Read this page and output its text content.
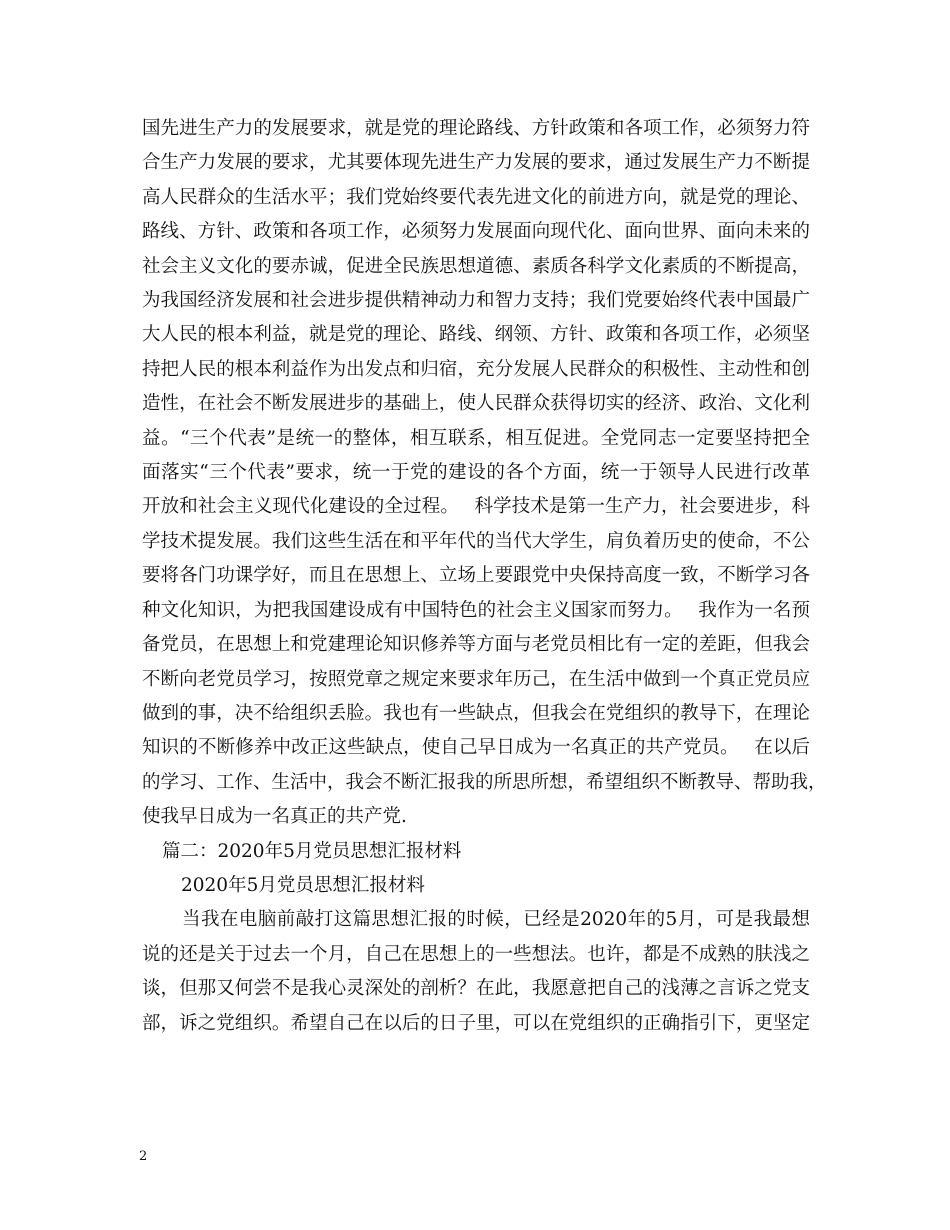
国先进生产力的发展要求，就是党的理论路线、方针政策和各项工作，必须努力符
合生产力发展的要求，尤其要体现先进生产力发展的要求，通过发展生产力不断提
高人民群众的生活水平；我们党始终要代表先进文化的前进方向，就是党的理论、
路线、方针、政策和各项工作，必须努力发展面向现代化、面向世界、面向未来的
社会主义文化的要赤诚，促进全民族思想道德、素质各科学文化素质的不断提高，
为我国经济发展和社会进步提供精神动力和智力支持；我们党要始终代表中国最广
大人民的根本利益，就是党的理论、路线、纲领、方针、政策和各项工作，必须坚
持把人民的根本利益作为出发点和归宿，充分发展人民群众的积极性、主动性和创
造性，在社会不断发展进步的基础上，使人民群众获得切实的经济、政治、文化利
益。“三个代表”是统一的整体，相互联系，相互促进。全党同志一定要坚持把全
面落实“三个代表”要求，统一于党的建设的各个方面，统一于领导人民进行改革
开放和社会主义现代化建设的全过程。　 科学技术是第一生产力，社会要进步，科
学技术提发展。我们这些生活在和平年代的当代大学生，肩负着历史的使命，不公
要将各门功课学好，而且在思想上、立场上要跟党中央保持高度一致，不断学习各
种文化知识，为把我国建设成有中国特色的社会主义国家而努力。　 我作为一名预
备党员，在思想上和党建理论知识修养等方面与老党员相比有一定的差距，但我会
不断向老党员学习，按照党章之规定来要求年历己，在生活中做到一个真正党员应
做到的事，决不给组织丢脸。我也有一些缺点，但我会在党组织的教导下，在理论
知识的不断修养中改正这些缺点，使自己早日成为一名真正的共产党员。　 在以后
的学习、工作、生活中，我会不断汇报我的所思所想，希望组织不断教导、帮助我，
使我早日成为一名真正的共产党.
篇二：2020年5月党员思想汇报材料
2020年5月党员思想汇报材料
当我在电脑前敲打这篇思想汇报的时候，已经是2020年的5月，可是我最想
说的还是关于过去一个月，自己在思想上的一些想法。也许，都是不成熟的肤浅之
谈，但那又何尝不是我心灵深处的剖析？在此，我愿意把自己的浅薄之言诉之党支
部，诉之党组织。希望自己在以后的日子里，可以在党组织的正确指引下，更坚定
2
